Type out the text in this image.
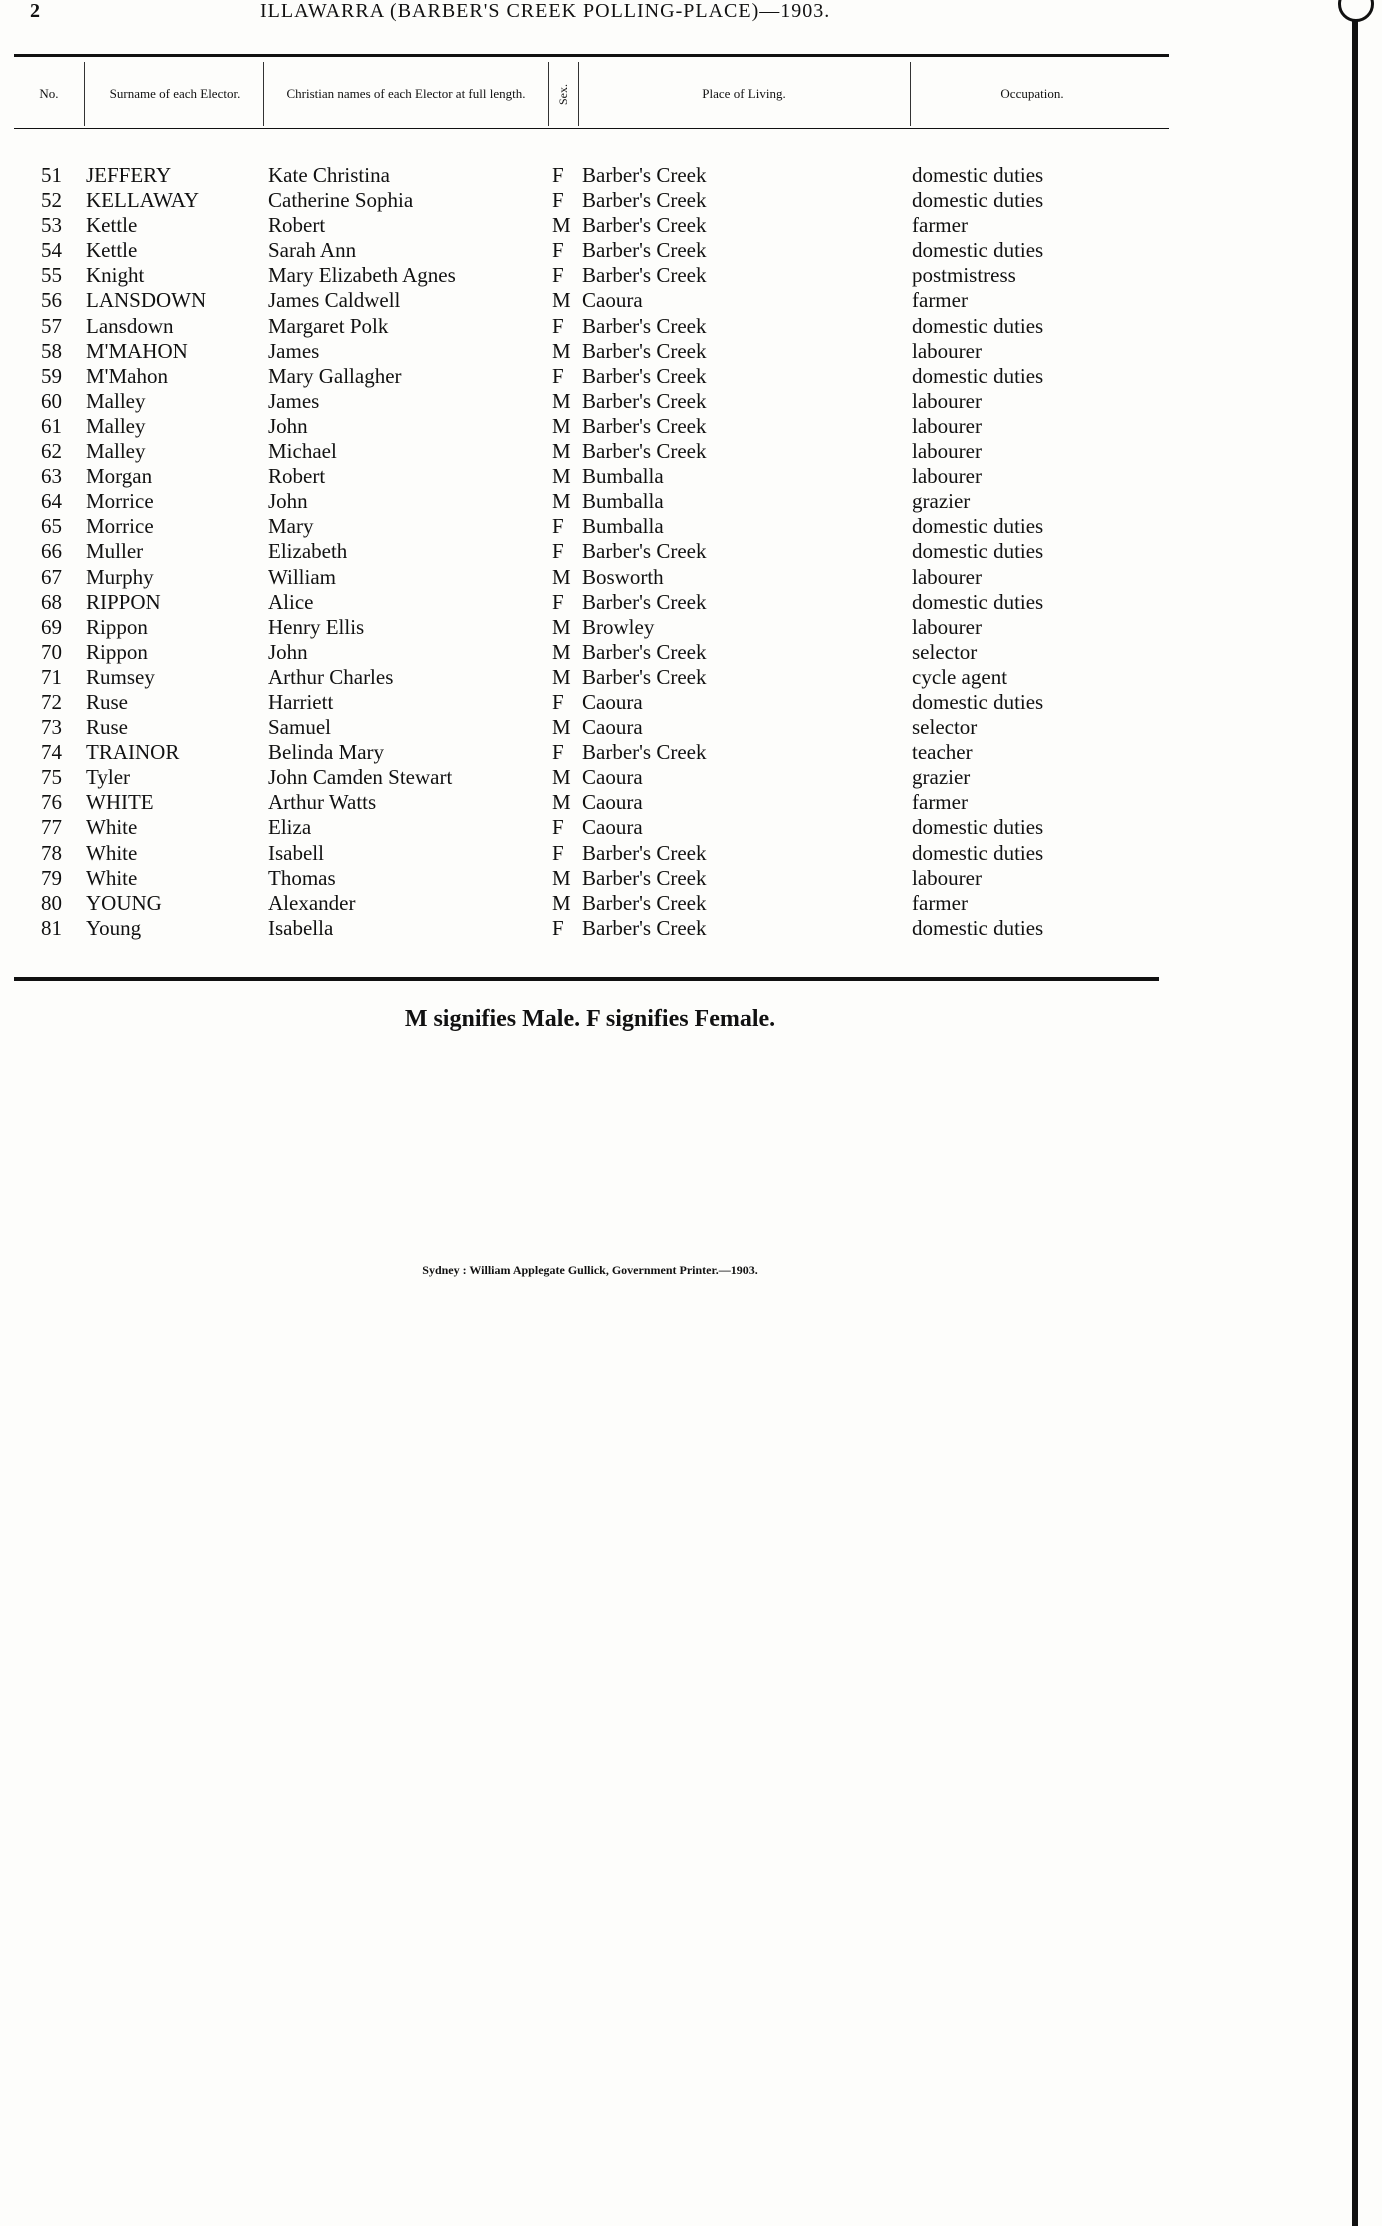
2	ILLAWARRA (BARBER'S CREEK POLLING-PLACE)—1903.
No.	Surname of each Elector.	Christian names of each Elector at full length.	Sex.	Place of Living.	Occupation.
51 JEFFERY	Kate Christina	F Barber's Creek	domestic duties
52 KELLAWAY	Catherine Sophia	F Barber's Creek	domestic duties
53 Kettle	Robert	M Barber's Creek	farmer
54 Kettle	Sarah Ann	F Barber's Creek	domestic duties
55 Knight	Mary Elizabeth Agnes	F Barber's Creek	postmistress
56 LANSDOWN	James Caldwell	M Caoura	farmer
57 Lansdown	Margaret Polk	F Barber's Creek	domestic duties
58 M'MAHON	James	M Barber's Creek	labourer
59 M'Mahon	Mary Gallagher	F Barber's Creek	domestic duties
60 Malley	James	M Barber's Creek	labourer
61 Malley	John	M Barber's Creek	labourer
62 Malley	Michael	M Barber's Creek	labourer
63 Morgan	Robert	M Bumballa	labourer
64 Morrice	John	M Bumballa	grazier
65 Morrice	Mary	F Bumballa	domestic duties
66 Muller	Elizabeth	F Barber's Creek	domestic duties
67 Murphy	William	M Bosworth	labourer
68 RIPPON	Alice	F Barber's Creek	domestic duties
69 Rippon	Henry Ellis	M Browley	labourer
70 Rippon	John	M Barber's Creek	selector
71 Rumsey	Arthur Charles	M Barber's Creek	cycle agent
72 Ruse	Harriett	F Caoura	domestic duties
73 Ruse	Samuel	M Caoura	selector
74 TRAINOR	Belinda Mary	F Barber's Creek	teacher
75 Tyler	John Camden Stewart	M Caoura	grazier
76 WHITE	Arthur Watts	M Caoura	farmer
77 White	Eliza	F Caoura	domestic duties
78 White	Isabell	F Barber's Creek	domestic duties
79 White	Thomas	M Barber's Creek	labourer
80 YOUNG	Alexander	M Barber's Creek	farmer
81 Young	Isabella	F Barber's Creek	domestic duties
M signifies Male. F signifies Female.
Sydney : William Applegate Gullick, Government Printer.—1903.
